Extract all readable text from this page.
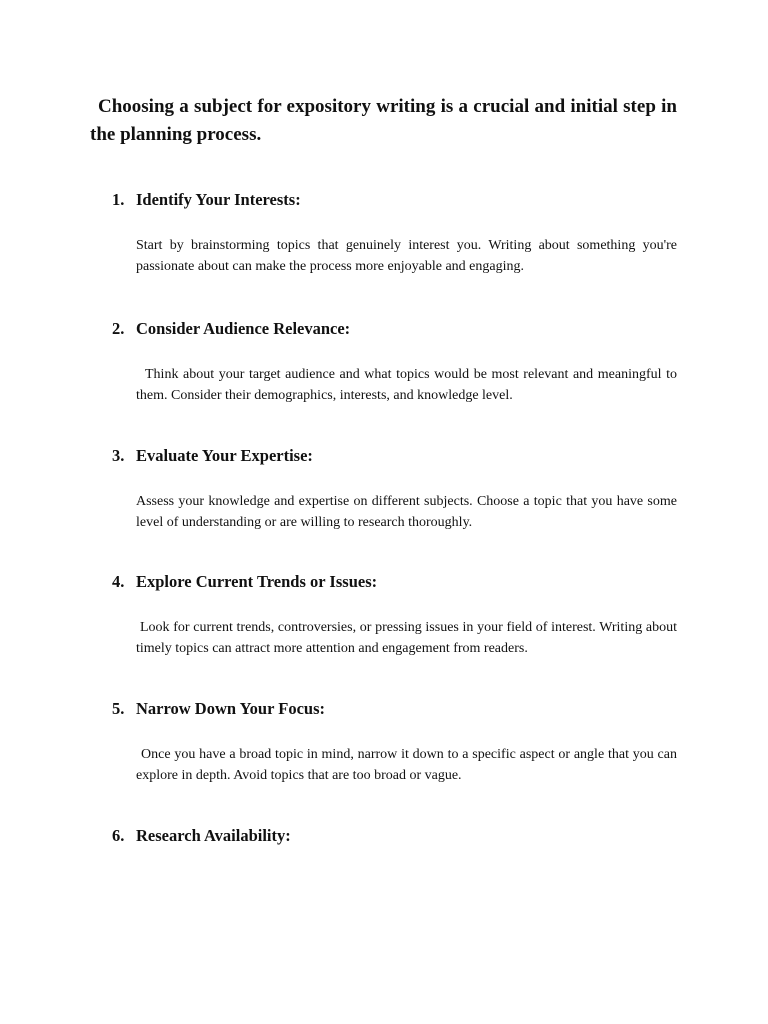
Choosing a subject for expository writing is a crucial and initial step in the planning process.

1. Identify Your Interests:

Start by brainstorming topics that genuinely interest you. Writing about something you're passionate about can make the process more enjoyable and engaging.

2. Consider Audience Relevance:

Think about your target audience and what topics would be most relevant and meaningful to them. Consider their demographics, interests, and knowledge level.

3. Evaluate Your Expertise:

Assess your knowledge and expertise on different subjects. Choose a topic that you have some level of understanding or are willing to research thoroughly.

4. Explore Current Trends or Issues:

Look for current trends, controversies, or pressing issues in your field of interest. Writing about timely topics can attract more attention and engagement from readers.

5. Narrow Down Your Focus:

Once you have a broad topic in mind, narrow it down to a specific aspect or angle that you can explore in depth. Avoid topics that are too broad or vague.

6. Research Availability:
